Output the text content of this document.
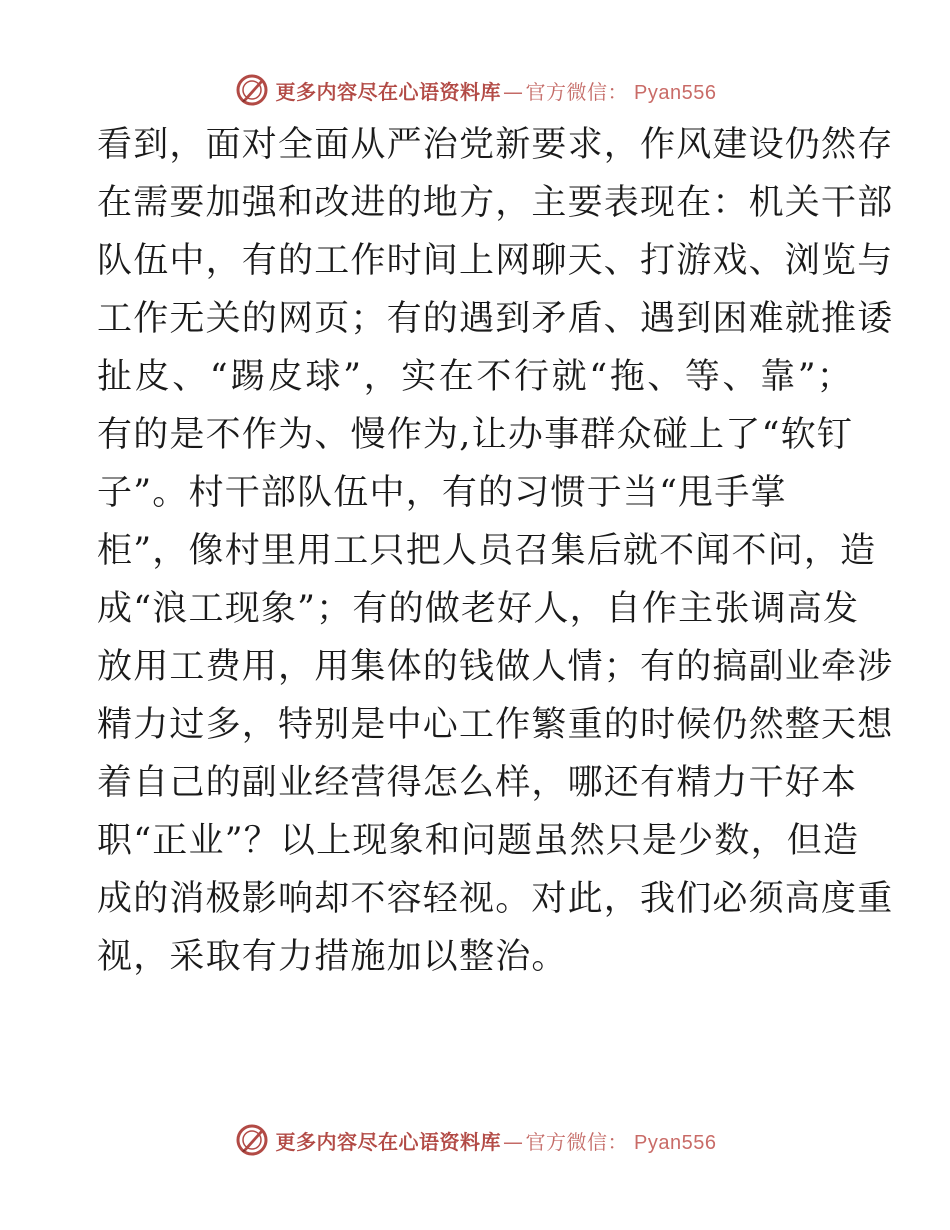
更多内容尽在心语资料库 — 官方微信： Pyan556
看到，面对全面从严治党新要求，作风建设仍然存
在需要加强和改进的地方，主要表现在：机关干部
队伍中，有的工作时间上网聊天、打游戏、浏览与
工作无关的网页；有的遇到矛盾、遇到困难就推诿
扯皮、“踢皮球”，实在不行就“拖、等、靠”；
有的是不作为、慢作为,让办事群众碰上了“软钉
子”。村干部队伍中，有的习惯于当“甩手掌
柜”，像村里用工只把人员召集后就不闻不问，造
成“浪工现象”；有的做老好人，自作主张调高发
放用工费用，用集体的钱做人情；有的搞副业牵涉
精力过多，特别是中心工作繁重的时候仍然整天想
着自己的副业经营得怎么样，哪还有精力干好本
职“正业”？以上现象和问题虽然只是少数，但造
成的消极影响却不容轻视。对此，我们必须高度重
视，采取有力措施加以整治。
更多内容尽在心语资料库 — 官方微信： Pyan556
